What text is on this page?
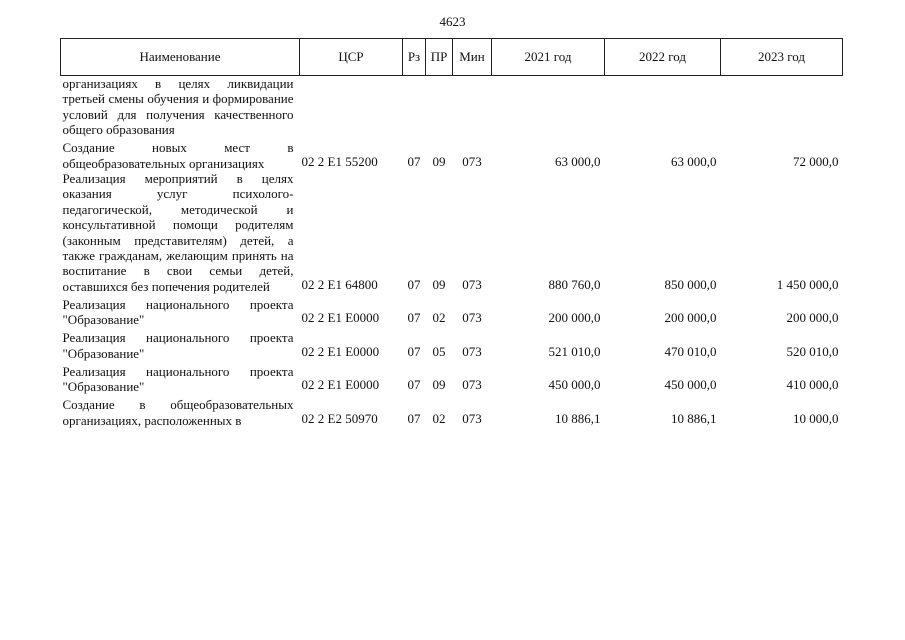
4623
Наименование	ЦСР	Рз	ПР	Мин	2021 год	2022 год	2023 год
организациях в целях ликвидации третьей смены обучения и формирование условий для получения качественного общего образования							
Создание новых мест в общеобразовательных организациях	02 2 E1 55200	07	09	073	63 000,0	63 000,0	72 000,0
Реализация мероприятий в целях оказания услуг психолого-педагогической, методической и консультативной помощи родителям (законным представителям) детей, а также гражданам, желающим принять на воспитание в свои семьи детей, оставшихся без попечения родителей	02 2 E1 64800	07	09	073	880 760,0	850 000,0	1 450 000,0
Реализация национального проекта "Образование"	02 2 E1 E0000	07	02	073	200 000,0	200 000,0	200 000,0
Реализация национального проекта "Образование"	02 2 E1 E0000	07	05	073	521 010,0	470 010,0	520 010,0
Реализация национального проекта "Образование"	02 2 E1 E0000	07	09	073	450 000,0	450 000,0	410 000,0
Создание в общеобразовательных организациях, расположенных в	02 2 E2 50970	07	02	073	10 886,1	10 886,1	10 000,0
